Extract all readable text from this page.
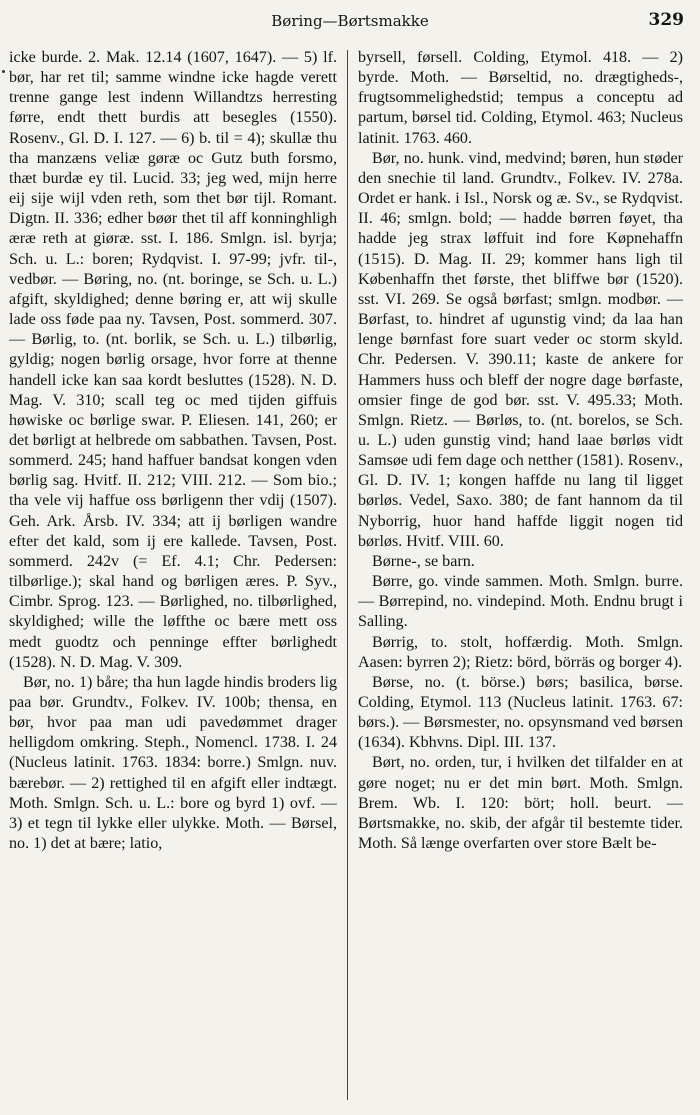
Børing—Børtsmakke	329

icke burde. 2. Mak. 12.14 (1607, 1647). — 5) lf. bør, har ret til; samme windne icke hagde verett trenne gange lest indenn Willandtzs herresting førre, endt thett burdis att besegles (1550). Rosenv., Gl. D. I. 127. — 6) b. til = 4); skullæ thu tha manzæns veliæ gøræ oc Gutz buth forsmo, thæt burdæ ey til. Lucid. 33; jeg wed, mijn herre eij sije wijl vden reth, som thet bør tijl. Romant. Digtn. II. 336; edher bøør thet til aff konninghligh æræ reth at giøræ. sst. I. 186. Smlgn. isl. byrja; Sch. u. L.: boren; Rydqvist. I. 97-99; jvfr. til-, vedbør. — Børing, no. (nt. boringe, se Sch. u. L.) afgift, skyldighed; denne børing er, att wij skulle lade oss føde paa ny. Tavsen, Post. sommerd. 307. — Børlig, to. (nt. borlik, se Sch. u. L.) tilbørlig, gyldig; nogen børlig orsage, hvor forre at thenne handell icke kan saa kordt besluttes (1528). N. D. Mag. V. 310; scall teg oc med tijden giffuis høwiske oc børlige swar. P. Eliesen. 141, 260; er det børligt at helbrede om sabbathen. Tavsen, Post. sommerd. 245; hand haffuer bandsat kongen vden børlig sag. Hvitf. II. 212; VIII. 212. — Som bio.; tha vele vij haffue oss børligenn ther vdij (1507). Geh. Ark. Årsb. IV. 334; att ij børligen wandre efter det kald, som ij ere kallede. Tavsen, Post. sommerd. 242v (= Ef. 4.1; Chr. Pedersen: tilbørlige.); skal hand og børligen æres. P. Syv., Cimbr. Sprog. 123. — Børlighed, no. tilbørlighed, skyldighed; wille the løffthe oc bære mett oss medt guodtz och penninge effter børlighedt (1528). N. D. Mag. V. 309.

Bør, no. 1) båre; tha hun lagde hindis broders lig paa bør. Grundtv., Folkev. IV. 100b; thensa, en bør, hvor paa man udi pavedømmet drager helligdom omkring. Steph., Nomencl. 1738. I. 24 (Nucleus latinit. 1763. 1834: borre.) Smlgn. nuv. bærebør. — 2) rettighed til en afgift eller indtægt. Moth. Smlgn. Sch. u. L.: bore og byrd 1) ovf. — 3) et tegn til lykke eller ulykke. Moth. — Børsel, no. 1) det at bære; latio,

byrsell, førsell. Colding, Etymol. 418. — 2) byrde. Moth. — Børseltid, no. drægtigheds-, frugtsommelighedstid; tempus a conceptu ad partum, børsel tid. Colding, Etymol. 463; Nucleus latinit. 1763. 460.

Bør, no. hunk. vind, medvind; børen, hun støder den snechie til land. Grundtv., Folkev. IV. 278a. Ordet er hank. i Isl., Norsk og æ. Sv., se Rydqvist. II. 46; smlgn. bold; — hadde børren føyet, tha hadde jeg strax løffuit ind fore Køpnehaffn (1515). D. Mag. II. 29; kommer hans ligh til Københaffn thet første, thet bliffwe bør (1520). sst. VI. 269. Se også børfast; smlgn. modbør. — Børfast, to. hindret af ugunstig vind; da laa han lenge børnfast fore suart veder oc storm skyld. Chr. Pedersen. V. 390.11; kaste de ankere for Hammers huss och bleff der nogre dage børfaste, omsier finge de god bør. sst. V. 495.33; Moth. Smlgn. Rietz. — Børløs, to. (nt. borelos, se Sch. u. L.) uden gunstig vind; hand laae børløs vidt Samsøe udi fem dage och netther (1581). Rosenv., Gl. D. IV. 1; kongen haffde nu lang til ligget børløs. Vedel, Saxo. 380; de fant hannom da til Nyborrig, huor hand haffde liggit nogen tid børløs. Hvitf. VIII. 60.

Børne-, se barn.

Børre, go. vinde sammen. Moth. Smlgn. burre. — Børrepind, no. vindepind. Moth. Endnu brugt i Salling.

Børrig, to. stolt, hoffærdig. Moth. Smlgn. Aasen: byrren 2); Rietz: börd, börräs og borger 4).

Børse, no. (t. börse.) børs; basilica, børse. Colding, Etymol. 113 (Nucleus latinit. 1763. 67: børs.). — Børsmester, no. opsynsmand ved børsen (1634). Kbhvns. Dipl. III. 137.

Børt, no. orden, tur, i hvilken det tilfalder en at gøre noget; nu er det min børt. Moth. Smlgn. Brem. Wb. I. 120: bört; holl. beurt. — Børtsmakke, no. skib, der afgår til bestemte tider. Moth. Så længe overfarten over store Bælt be-
